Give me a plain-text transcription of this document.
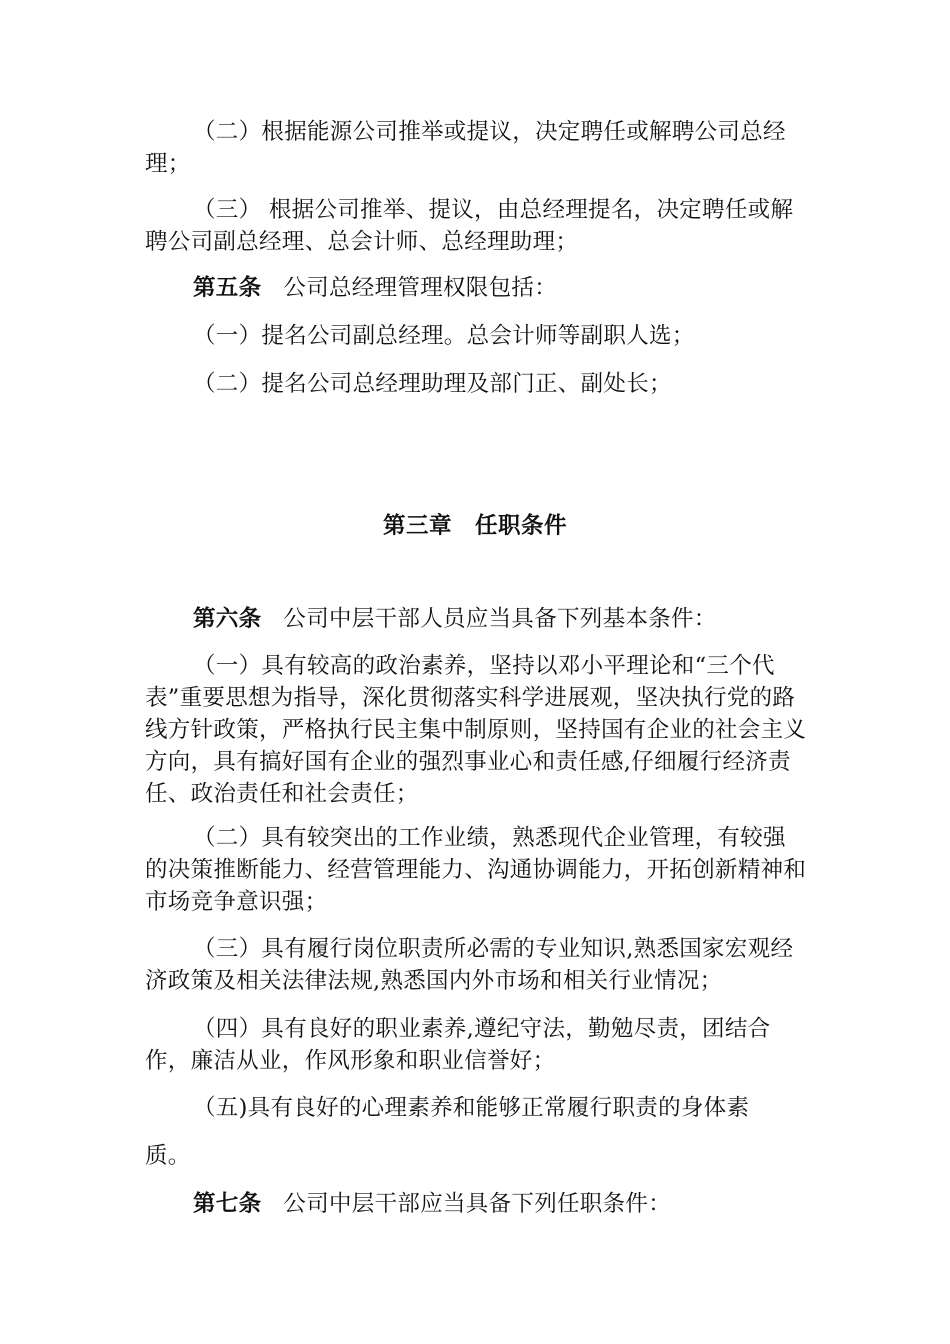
（二）根据能源公司推举或提议，决定聘任或解聘公司总经理；

（三） 根据公司推举、提议，由总经理提名，决定聘任或解聘公司副总经理、总会计师、总经理助理；

第五条 公司总经理管理权限包括：

（一）提名公司副总经理。总会计师等副职人选；

（二）提名公司总经理助理及部门正、副处长；

第三章　任职条件

第六条 公司中层干部人员应当具备下列基本条件：

（一）具有较高的政治素养，坚持以邓小平理论和“三个代表”重要思想为指导，深化贯彻落实科学进展观，坚决执行党的路线方针政策，严格执行民主集中制原则，坚持国有企业的社会主义方向，具有搞好国有企业的强烈事业心和责任感,仔细履行经济责任、政治责任和社会责任；

（二）具有较突出的工作业绩，熟悉现代企业管理，有较强的决策推断能力、经营管理能力、沟通协调能力，开拓创新精神和市场竞争意识强；

（三）具有履行岗位职责所必需的专业知识,熟悉国家宏观经济政策及相关法律法规,熟悉国内外市场和相关行业情况；

（四）具有良好的职业素养,遵纪守法，勤勉尽责，团结合作，廉洁从业，作风形象和职业信誉好；

（五)具有良好的心理素养和能够正常履行职责的身体素

质。

第七条 公司中层干部应当具备下列任职条件：
